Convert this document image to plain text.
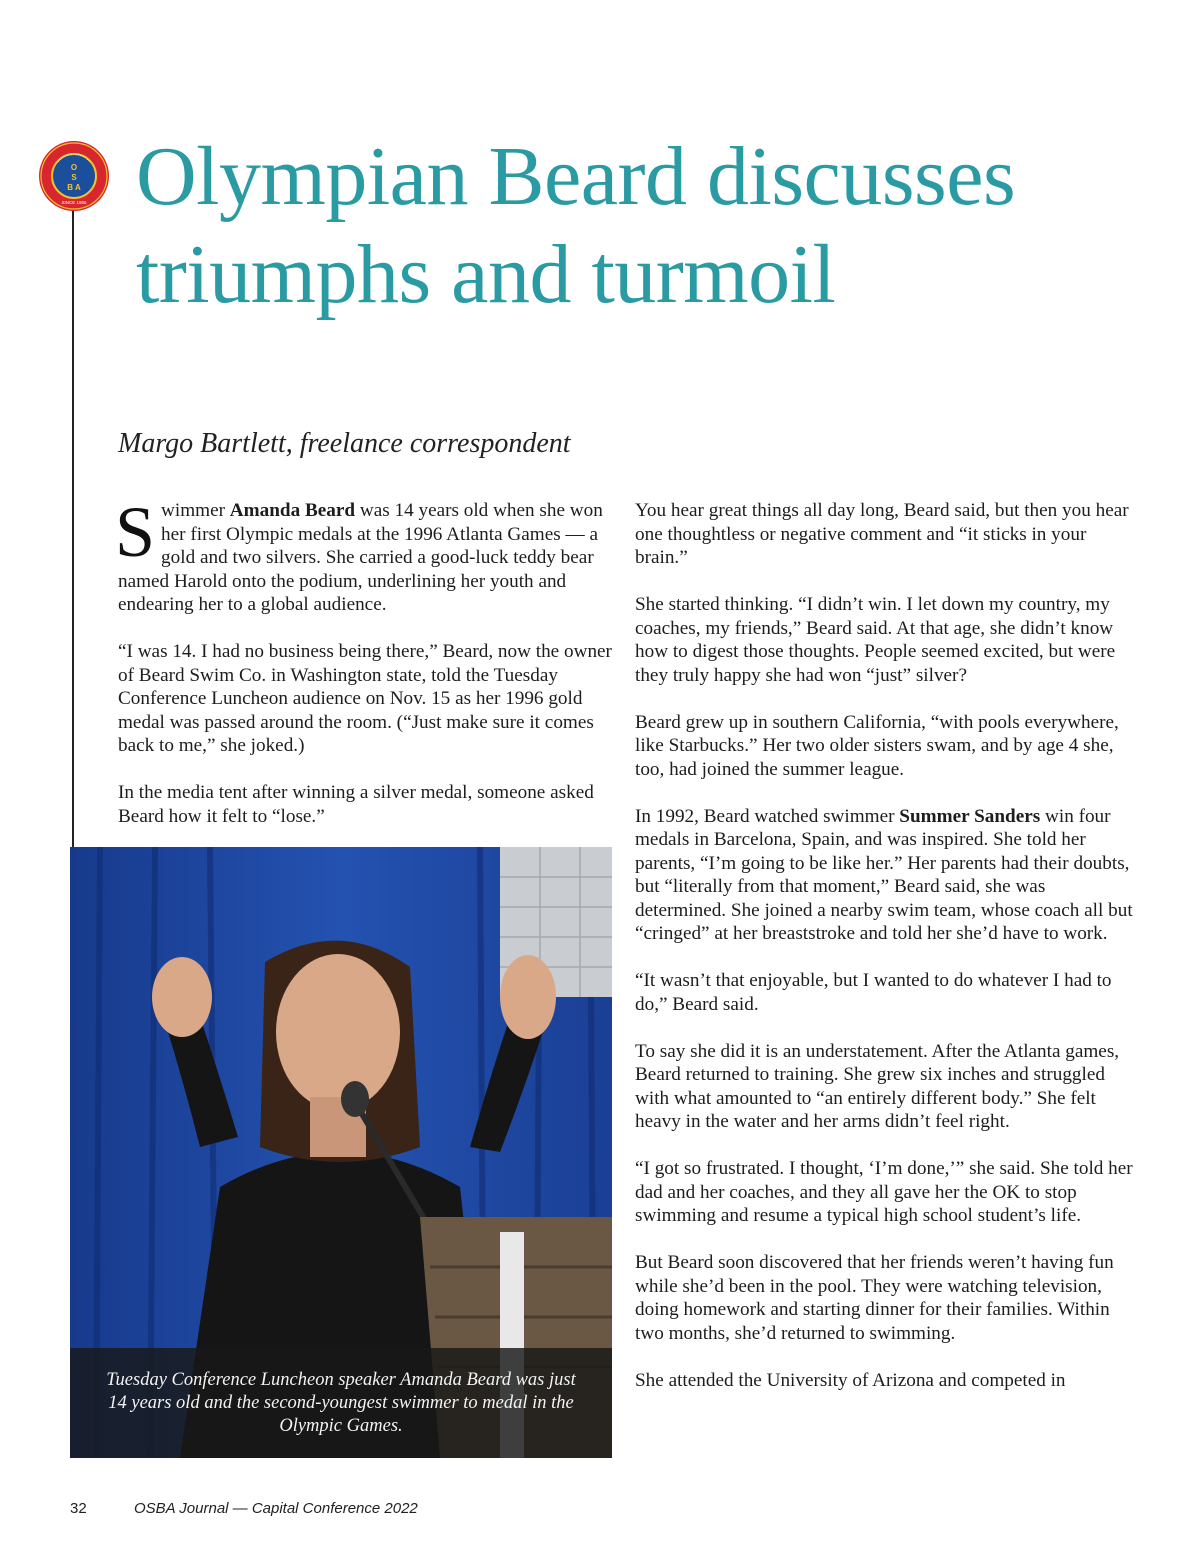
O
S
B A
SINCE 1955 Olympian Beard discusses triumphs and turmoil
Margo Bartlett, freelance correspondent

Swimmer Amanda Beard was 14 years old when she won her first Olympic medals at the 1996 Atlanta Games — a gold and two silvers. She carried a good-luck teddy bear named Harold onto the podium, underlining her youth and endearing her to a global audience.

“I was 14. I had no business being there,” Beard, now the owner of Beard Swim Co. in Washington state, told the Tuesday Conference Luncheon audience on Nov. 15 as her 1996 gold medal was passed around the room. (“Just make sure it comes back to me,” she joked.)

In the media tent after winning a silver medal, someone asked Beard how it felt to “lose.”

Tuesday Conference Luncheon speaker Amanda Beard was just 14 years old and the second-youngest swimmer to medal in the Olympic Games.

You hear great things all day long, Beard said, but then you hear one thoughtless or negative comment and “it sticks in your brain.”

She started thinking. “I didn’t win. I let down my country, my coaches, my friends,” Beard said. At that age, she didn’t know how to digest those thoughts. People seemed excited, but were they truly happy she had won “just” silver?

Beard grew up in southern California, “with pools everywhere, like Starbucks.” Her two older sisters swam, and by age 4 she, too, had joined the summer league.

In 1992, Beard watched swimmer Summer Sanders win four medals in Barcelona, Spain, and was inspired. She told her parents, “I’m going to be like her.” Her parents had their doubts, but “literally from that moment,” Beard said, she was determined. She joined a nearby swim team, whose coach all but “cringed” at her breaststroke and told her she’d have to work.

“It wasn’t that enjoyable, but I wanted to do whatever I had to do,” Beard said.

To say she did it is an understatement. After the Atlanta games, Beard returned to training. She grew six inches and struggled with what amounted to “an entirely different body.” She felt heavy in the water and her arms didn’t feel right.

“I got so frustrated. I thought, ‘I’m done,’” she said. She told her dad and her coaches, and they all gave her the OK to stop swimming and resume a typical high school student’s life.

But Beard soon discovered that her friends weren’t having fun while she’d been in the pool. They were watching television, doing homework and starting dinner for their families. Within two months, she’d returned to swimming.

She attended the University of Arizona and competed in

32	OSBA Journal — Capital Conference 2022
